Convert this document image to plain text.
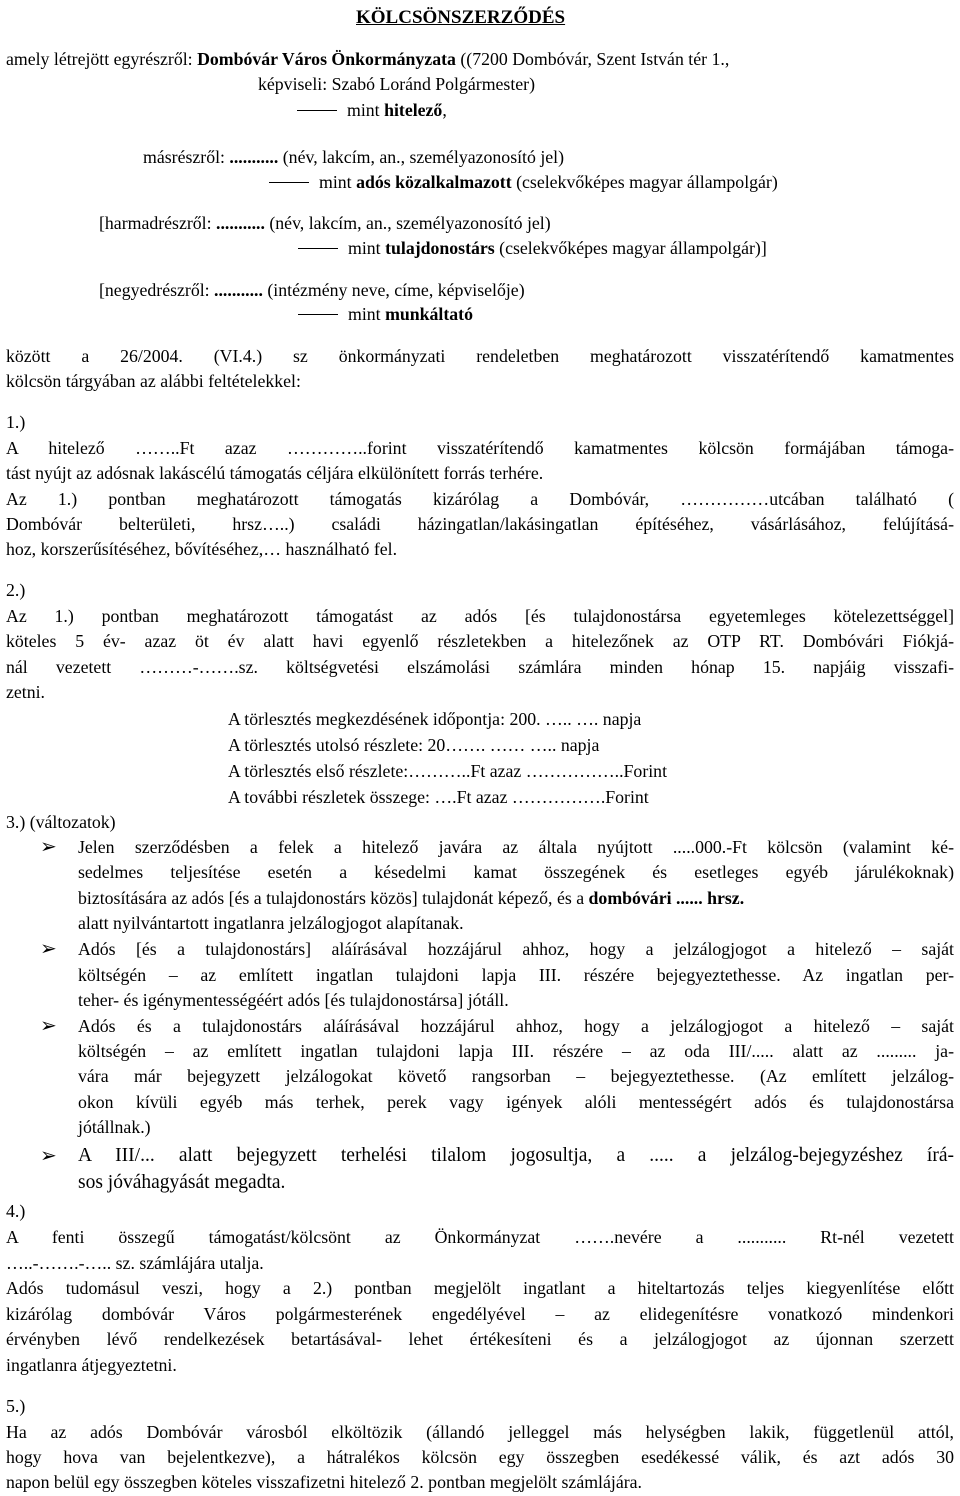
KÖLCSÖNSZERZŐDÉS
amely létrejött egyrészről: Dombóvár Város Önkormányzata ((7200 Dombóvár, Szent István tér 1.,
képviseli: Szabó Loránd Polgármester)
mint hitelező,
másrészről: ........... (név, lakcím, an., személyazonosító jel)
mint adós közalkalmazott (cselekvőképes magyar állampolgár)
[harmadrészről: ........... (név, lakcím, an., személyazonosító jel)
mint tulajdonostárs (cselekvőképes magyar állampolgár)]
[negyedrészről: ........... (intézmény neve, címe, képviselője)
mint munkáltató
között a 26/2004. (VI.4.) sz önkormányzati rendeletben meghatározott visszatérítendő kamatmentes
kölcsön tárgyában az alábbi feltételekkel:
1.)
A hitelező ……..Ft azaz …………..forint visszatérítendő kamatmentes kölcsön formájában támoga-
tást nyújt az adósnak lakáscélú támogatás céljára elkülönített forrás terhére.
Az 1.) pontban meghatározott támogatás kizárólag a Dombóvár, ……………utcában található (
Dombóvár belterületi, hrsz…..) családi házingatlan/lakásingatlan építéséhez, vásárlásához, felújításá-
hoz, korszerűsítéséhez, bővítéséhez,… használható fel.
2.)
Az 1.) pontban meghatározott támogatást az adós [és tulajdonostársa egyetemleges kötelezettséggel]
köteles 5 év- azaz öt év alatt havi egyenlő részletekben a hitelezőnek az OTP RT. Dombóvári Fiókjá-
nál vezetett ………-…….sz. költségvetési elszámolási számlára minden hónap 15. napjáig visszafi-
zetni.
A törlesztés megkezdésének időpontja: 200. ….. …. napja
A törlesztés utolsó részlete: 20……. …… ….. napja
A törlesztés első részlete:………..Ft azaz ……………..Forint
A további részletek összege: ….Ft azaz …………….Forint
3.) (változatok)
➢ Jelen szerződésben a felek a hitelező javára az általa nyújtott .....000.-Ft kölcsön (valamint ké-
sedelmes teljesítése esetén a késedelmi kamat összegének és esetleges egyéb járulékoknak)
biztosítására az adós [és a tulajdonostárs közös] tulajdonát képező, és a dombóvári ...... hrsz.
alatt nyilvántartott ingatlanra jelzálogjogot alapítanak.
➢ Adós [és a tulajdonostárs] aláírásával hozzájárul ahhoz, hogy a jelzálogjogot a hitelező – saját
költségén – az említett ingatlan tulajdoni lapja III. részére bejegyeztethesse. Az ingatlan per-
teher- és igénymentességéért adós [és tulajdonostársa] jótáll.
➢ Adós és a tulajdonostárs aláírásával hozzájárul ahhoz, hogy a jelzálogjogot a hitelező – saját
költségén – az említett ingatlan tulajdoni lapja III. részére – az oda III/..... alatt az ......... ja-
vára már bejegyzett jelzálogokat követő rangsorban – bejegyeztethesse. (Az említett jelzálog-
okon kívüli egyéb más terhek, perek vagy igények alóli mentességért adós és tulajdonostársa
jótállnak.)
➢ A III/... alatt bejegyzett terhelési tilalom jogosultja, a ..... a jelzálog-bejegyzéshez írá-
sos jóváhagyását megadta.
4.)
A fenti összegű támogatást/kölcsönt az Önkormányzat …….nevére a ........... Rt-nél vezetett
…..-…….-….. sz. számlájára utalja.
Adós tudomásul veszi, hogy a 2.) pontban megjelölt ingatlant a hiteltartozás teljes kiegyenlítése előtt
kizárólag dombóvár Város polgármesterének engedélyével – az elidegenítésre vonatkozó mindenkori
érvényben lévő rendelkezések betartásával- lehet értékesíteni és a jelzálogjogot az újonnan szerzett
ingatlanra átjegyeztetni.
5.)
Ha az adós Dombóvár városból elköltözik (állandó jelleggel más helységben lakik, függetlenül attól,
hogy hova van bejelentkezve), a hátralékos kölcsön egy összegben esedékessé válik, és azt adós 30
napon belül egy összegben köteles visszafizetni hitelező 2. pontban megjelölt számlájára.
